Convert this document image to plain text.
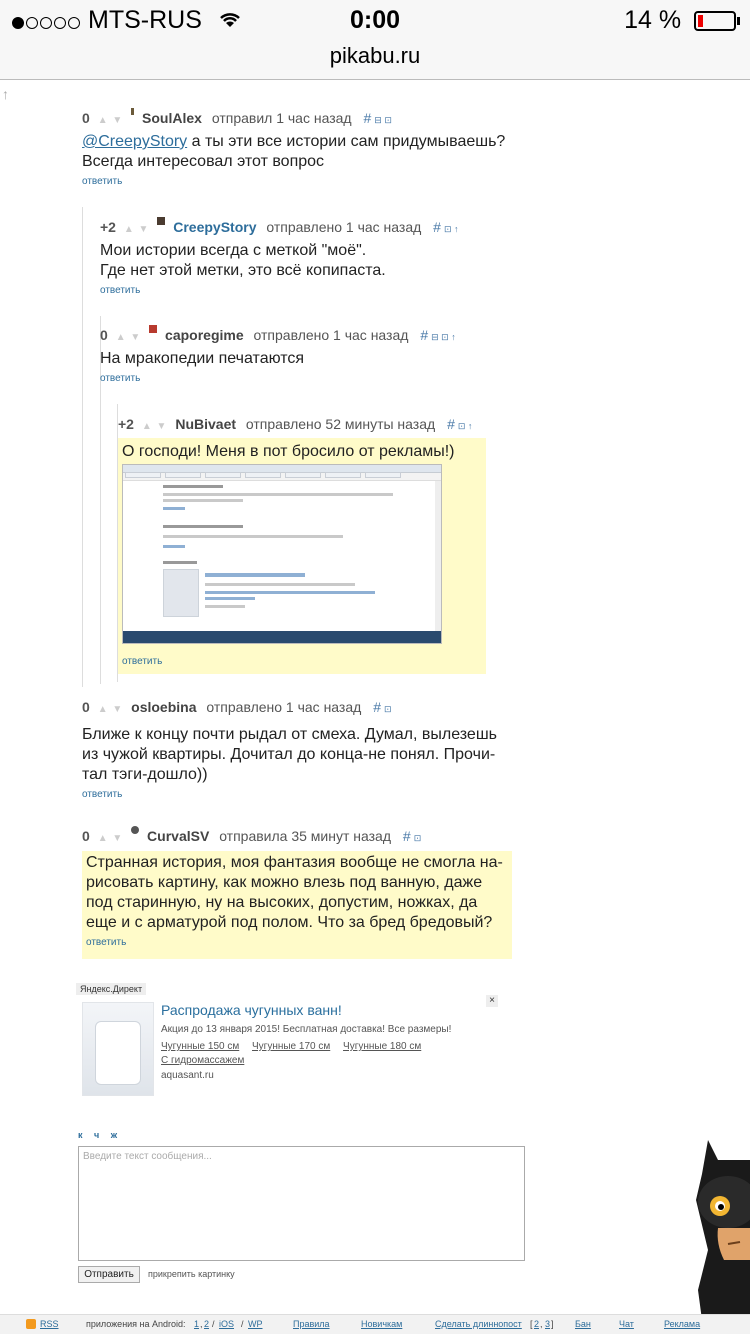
MTS-RUS	0:00	14 %
pikabu.ru
↑
0 ▲ ▼ SoulAlex отправил 1 час назад # ⊟ ⊡
@CreepyStory а ты эти все истории сам придумываешь?
Всегда интересовал этот вопрос
ответить
+2 ▲ ▼ CreepyStory отправлено 1 час назад # ⊡ ↑
Мои истории всегда с меткой "моё".
Где нет этой метки, это всё копипаста.
ответить
0 ▲ ▼ caporegime отправлено 1 час назад # ⊟ ⊡ ↑
На мракопедии печатаются
ответить
+2 ▲ ▼ NuBivaet отправлено 52 минуты назад # ⊡ ↑
О господи! Меня в пот бросило от рекламы!)
ответить
0 ▲ ▼ osloebina отправлено 1 час назад # ⊡
Ближе к концу почти рыдал от смеха. Думал, вылезешь
из чужой квартиры. Дочитал до конца-не понял. Прочи-
тал тэги-дошло))
ответить
0 ▲ ▼ CurvalSV отправила 35 минут назад # ⊡
Странная история, моя фантазия вообще не смогла на-
рисовать картину, как можно влезь под ванную, даже
под старинную, ну на высоких, допустим, ножках, да
еще и с арматурой под полом. Что за бред бредовый?
ответить
Яндекс.Директ
×
Распродажа чугунных ванн!
Акция до 13 января 2015! Бесплатная доставка! Все размеры!
Чугунные 150 см Чугунные 170 см Чугунные 180 см
С гидромассажем
aquasant.ru
к ч ж
Введите текст сообщения...
Отправить	прикрепить картинку
RSS	приложения на Android: 1 , 2 / iOS / WP	Правила	Новичкам	Сделать длиннопост [ 2 , 3 ] Бан	Чат	Реклама
